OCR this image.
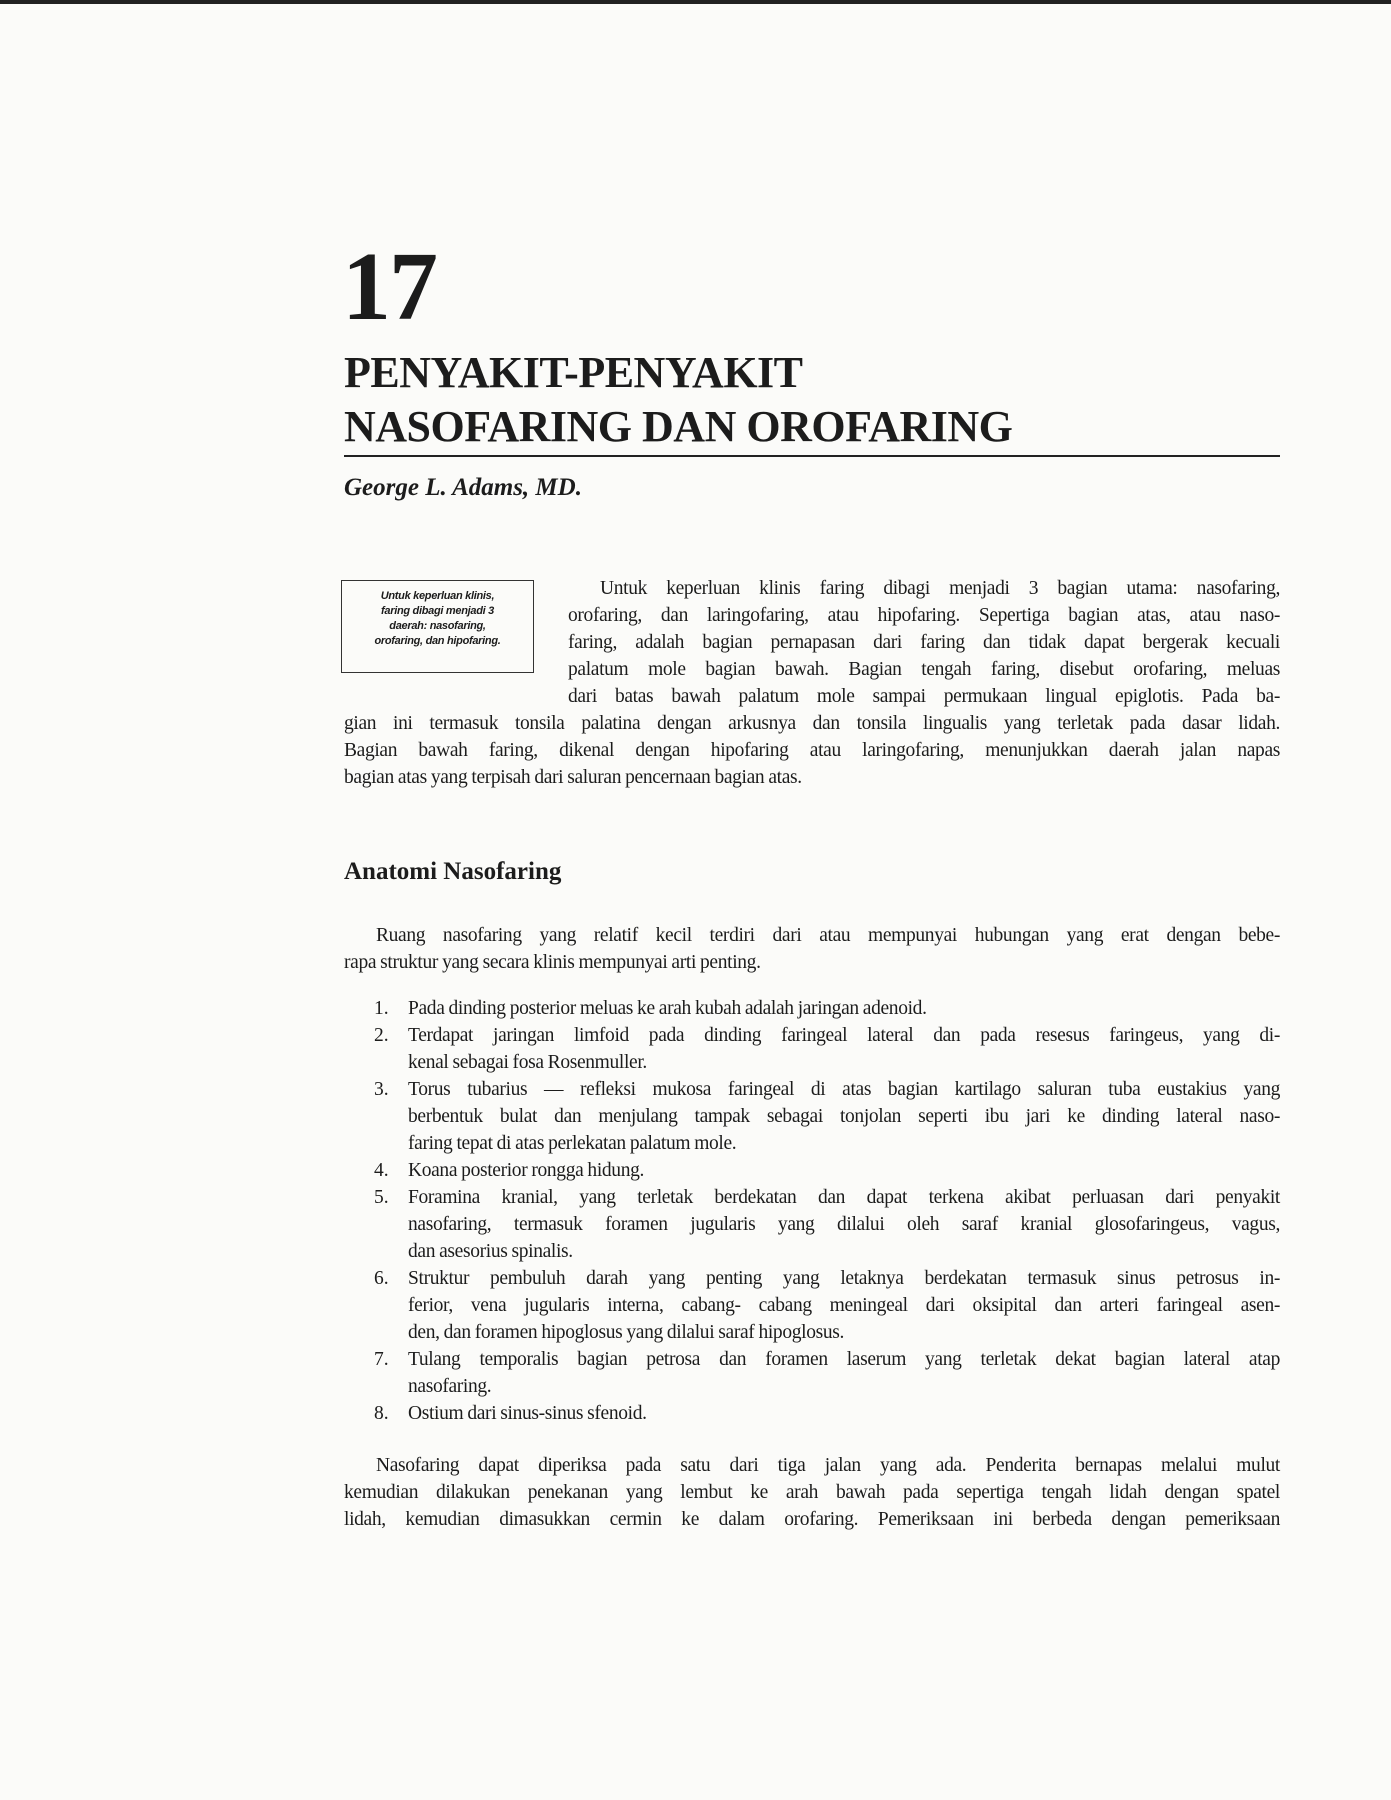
17
PENYAKIT-PENYAKIT
NASOFARING DAN OROFARING
George L. Adams, MD.
Untuk keperluan klinis,
faring dibagi menjadi 3
daerah: nasofaring,
orofaring, dan hipofaring.
Untuk keperluan klinis faring dibagi menjadi 3 bagian utama: nasofaring,
orofaring, dan laringofaring, atau hipofaring. Sepertiga bagian atas, atau naso-
faring, adalah bagian pernapasan dari faring dan tidak dapat bergerak kecuali
palatum mole bagian bawah. Bagian tengah faring, disebut orofaring, meluas
dari batas bawah palatum mole sampai permukaan lingual epiglotis. Pada ba-
gian ini termasuk tonsila palatina dengan arkusnya dan tonsila lingualis yang terletak pada dasar lidah.
Bagian bawah faring, dikenal dengan hipofaring atau laringofaring, menunjukkan daerah jalan napas
bagian atas yang terpisah dari saluran pencernaan bagian atas.
Anatomi Nasofaring
Ruang nasofaring yang relatif kecil terdiri dari atau mempunyai hubungan yang erat dengan bebe-
rapa struktur yang secara klinis mempunyai arti penting.
1. Pada dinding posterior meluas ke arah kubah adalah jaringan adenoid.
2. Terdapat jaringan limfoid pada dinding faringeal lateral dan pada resesus faringeus, yang di-
kenal sebagai fosa Rosenmuller.
3. Torus tubarius — refleksi mukosa faringeal di atas bagian kartilago saluran tuba eustakius yang
berbentuk bulat dan menjulang tampak sebagai tonjolan seperti ibu jari ke dinding lateral naso-
faring tepat di atas perlekatan palatum mole.
4. Koana posterior rongga hidung.
5. Foramina kranial, yang terletak berdekatan dan dapat terkena akibat perluasan dari penyakit
nasofaring, termasuk foramen jugularis yang dilalui oleh saraf kranial glosofaringeus, vagus,
dan asesorius spinalis.
6. Struktur pembuluh darah yang penting yang letaknya berdekatan termasuk sinus petrosus in-
ferior, vena jugularis interna, cabang- cabang meningeal dari oksipital dan arteri faringeal asen-
den, dan foramen hipoglosus yang dilalui saraf hipoglosus.
7. Tulang temporalis bagian petrosa dan foramen laserum yang terletak dekat bagian lateral atap
nasofaring.
8. Ostium dari sinus-sinus sfenoid.
Nasofaring dapat diperiksa pada satu dari tiga jalan yang ada. Penderita bernapas melalui mulut
kemudian dilakukan penekanan yang lembut ke arah bawah pada sepertiga tengah lidah dengan spatel
lidah, kemudian dimasukkan cermin ke dalam orofaring. Pemeriksaan ini berbeda dengan pemeriksaan
